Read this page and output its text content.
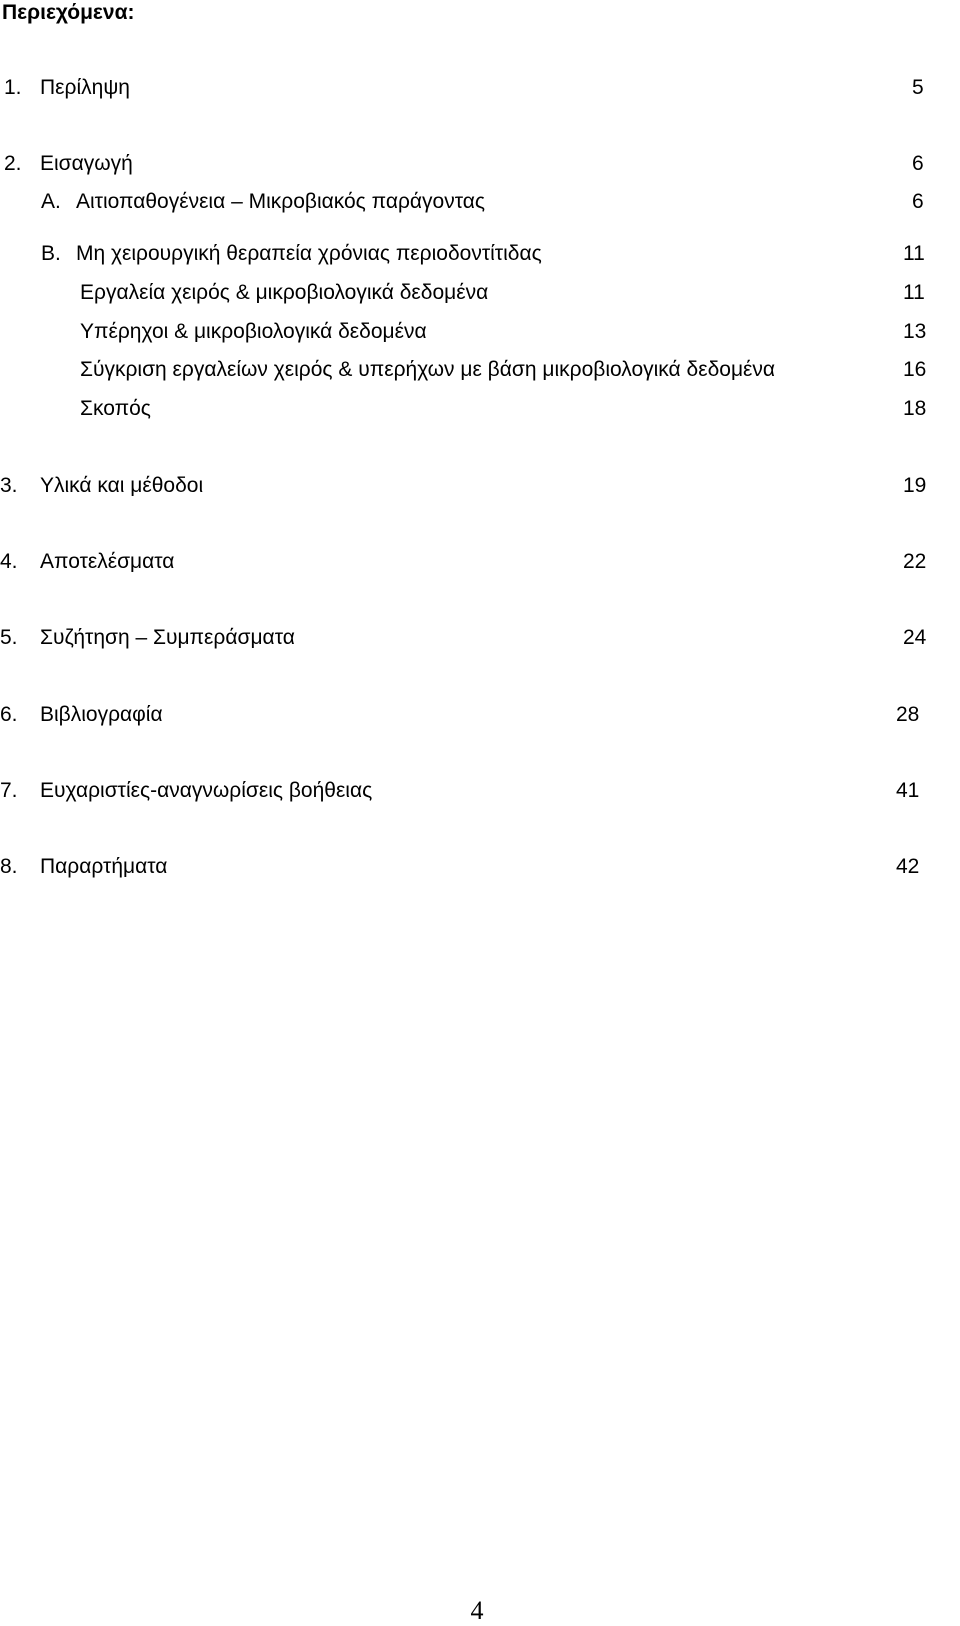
Περιεχόμενα:
1. Περίληψη	5
2. Εισαγωγή	6
Α. Αιτιοπαθογένεια – Μικροβιακός παράγοντας	6
Β. Μη χειρουργική θεραπεία χρόνιας περιοδοντίτιδας	11
Εργαλεία χειρός & μικροβιολογικά δεδομένα	11
Υπέρηχοι & μικροβιολογικά δεδομένα	13
Σύγκριση εργαλείων χειρός & υπερήχων με βάση μικροβιολογικά δεδομένα	16
Σκοπός	18
3. Υλικά και μέθοδοι	19
4. Αποτελέσματα	22
5. Συζήτηση – Συμπεράσματα	24
6. Βιβλιογραφία	28
7. Ευχαριστίες-αναγνωρίσεις βοήθειας	41
8. Παραρτήματα	42
4
